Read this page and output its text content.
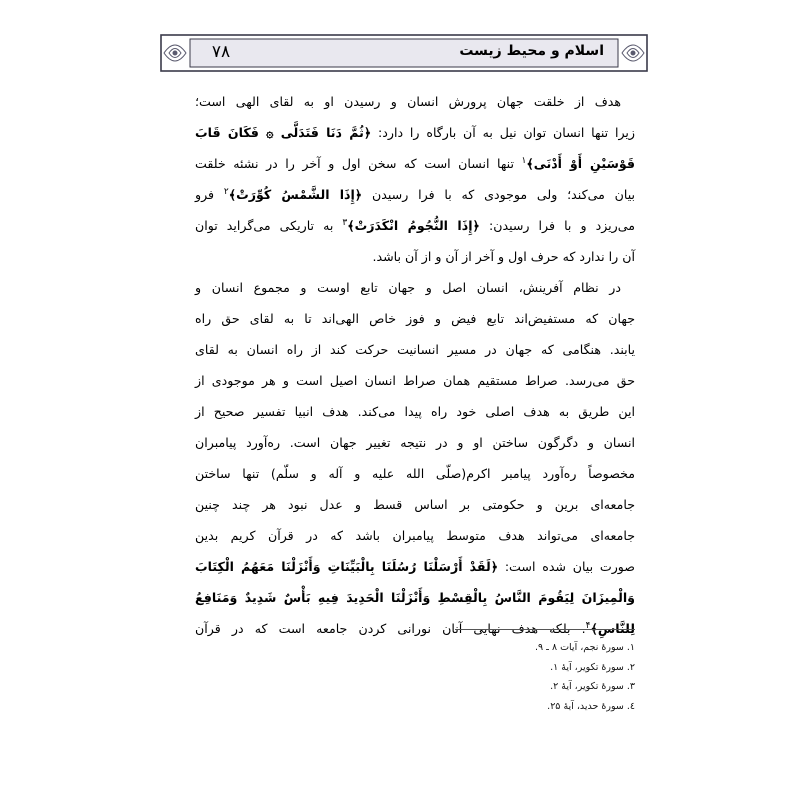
۷۸	اسلام و محیط زیست

هدف از خلقت جهان پرورش انسان و رسیدن او به لقای الهی است؛

زیرا تنها انسان توان نیل به آن بارگاه را دارد: ﴿ثُمَّ دَنَا فَتَدَلَّى ۞ فَكَانَ قَابَ

قَوْسَيْنِ أَوْ أَدْنَى﴾$^۱$ تنها انسان است که سخن اول و آخر را در نشئه خلقت

بیان می‌کند؛ ولی موجودی که با فرا رسیدن ﴿إِذَا الشَّمْسُ كُوِّرَتْ﴾$^۲$ فرو

می‌ریزد و با فرا رسیدن: ﴿إِذَا النُّجُومُ انْكَدَرَتْ﴾$^۳$ به تاریکی می‌گراید توان

آن را ندارد که حرف اول و آخر از آن و از آن باشد.

در نظام آفرینش، انسان اصل و جهان تابع اوست و مجموع انسان و

جهان که مستفیض‌اند تابع فیض و فوز خاص الهی‌اند تا به لقای حق راه

یابند. هنگامی که جهان در مسیر انسانیت حرکت کند از راه انسان به لقای

حق می‌رسد. صراط مستقیم همان صراط انسان اصیل است و هر موجودی از

این طریق به هدف اصلی خود راه پیدا می‌کند. هدف انبیا تفسیر صحیح از

انسان و دگرگون ساختن او و در نتیجه تغییر جهان است. ره‌آورد پیامبران

مخصوصاً ره‌آورد پیامبر اکرم(صلّی الله علیه و آله و سلّم) تنها ساختن

جامعه‌ای برین و حکومتی بر اساس قسط و عدل نبود هر چند چنین

جامعه‌ای می‌تواند هدف متوسط پیامبران باشد که در قرآن کریم بدین

صورت بیان شده است: ﴿لَقَدْ أَرْسَلْنَا رُسُلَنَا بِالْبَيِّنَاتِ وَأَنْزَلْنَا مَعَهُمُ الْكِتَابَ

وَالْمِيزَانَ لِيَقُومَ النَّاسُ بِالْقِسْطِ وَأَنْزَلْنَا الْحَدِيدَ فِيهِ بَأْسٌ شَدِيدٌ وَمَنَافِعُ

لِلنَّاسِ﴾$^۴$. بلکه هدف نهایی آنان نورانی کردن جامعه است که در قرآن

۱. سورهٔ نجم، آیات ۸ ـ ۹.
۲. سورهٔ تکویر، آیهٔ ۱.
۳. سورهٔ تکویر، آیهٔ ۲.
٤. سورهٔ حدید، آیهٔ ۲۵.
